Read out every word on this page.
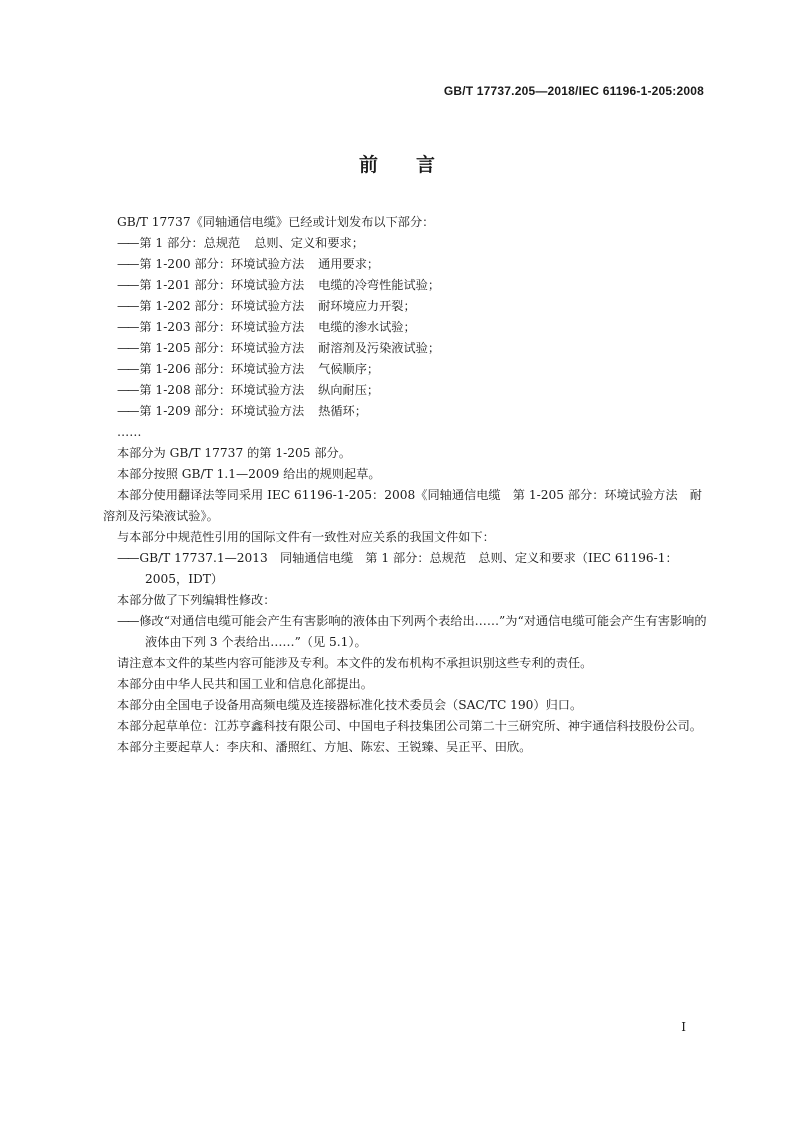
GB/T 17737.205—2018/IEC 61196-1-205:2008
前言

GB/T 17737《同轴通信电缆》已经或计划发布以下部分：

—— 第 1 部分：总规范 总则、定义和要求；

—— 第 1-200 部分：环境试验方法 通用要求；

—— 第 1-201 部分：环境试验方法 电缆的冷弯性能试验；

—— 第 1-202 部分：环境试验方法 耐环境应力开裂；

—— 第 1-203 部分：环境试验方法 电缆的渗水试验；

—— 第 1-205 部分：环境试验方法 耐溶剂及污染液试验；

—— 第 1-206 部分：环境试验方法 气候顺序；

—— 第 1-208 部分：环境试验方法 纵向耐压；

—— 第 1-209 部分：环境试验方法 热循环；

……

本部分为 GB/T 17737 的第 1-205 部分。

本部分按照 GB/T 1.1—2009 给出的规则起草。

本部分使用翻译法等同采用 IEC 61196-1-205：2008《同轴通信电缆　第 1-205 部分：环境试验方法　耐溶剂及污染液试验》。

与本部分中规范性引用的国际文件有一致性对应关系的我国文件如下：

—— GB/T 17737.1—2013　同轴通信电缆　第 1 部分：总规范　总则、定义和要求（IEC 61196-1：2005，IDT）

本部分做了下列编辑性修改：

—— 修改“对通信电缆可能会产生有害影响的液体由下列两个表给出……”为“对通信电缆可能会产生有害影响的液体由下列 3 个表给出……”（见 5.1）。

请注意本文件的某些内容可能涉及专利。本文件的发布机构不承担识别这些专利的责任。

本部分由中华人民共和国工业和信息化部提出。

本部分由全国电子设备用高频电缆及连接器标准化技术委员会（SAC/TC 190）归口。

本部分起草单位：江苏亨鑫科技有限公司、中国电子科技集团公司第二十三研究所、神宇通信科技股份公司。

本部分主要起草人：李庆和、潘照红、方旭、陈宏、王锐臻、吴正平、田欣。

I
